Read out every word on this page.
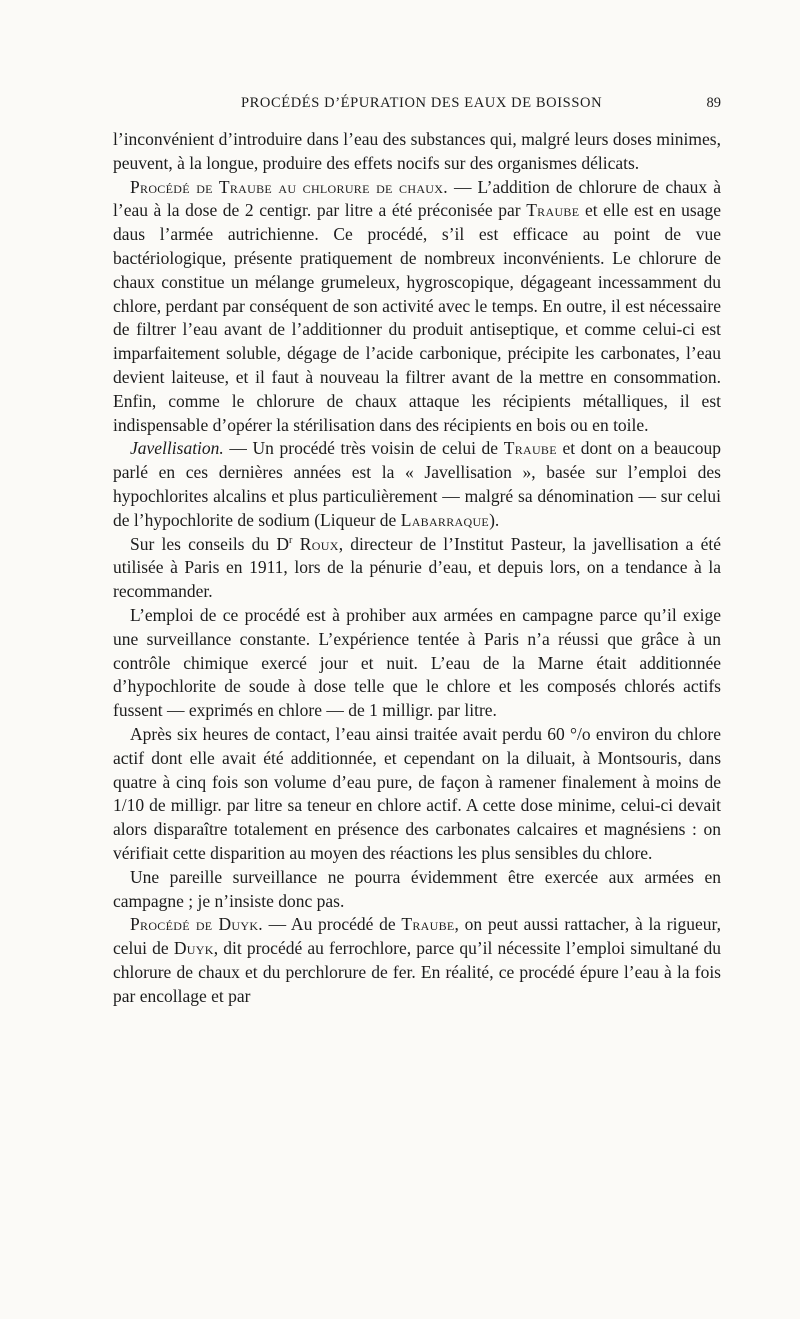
PROCÉDÉS D’ÉPURATION DES EAUX DE BOISSON	89

l’inconvénient d’introduire dans l’eau des substances qui, malgré leurs doses minimes, peuvent, à la longue, produire des effets nocifs sur des organismes délicats.

Procédé de Traube au chlorure de chaux. — L’addition de chlorure de chaux à l’eau à la dose de 2 centigr. par litre a été préconisée par Traube et elle est en usage daus l’armée autrichienne. Ce procédé, s’il est efficace au point de vue bactériologique, présente pratiquement de nombreux inconvénients. Le chlorure de chaux constitue un mélange grumeleux, hygroscopique, dégageant incessamment du chlore, perdant par conséquent de son activité avec le temps. En outre, il est nécessaire de filtrer l’eau avant de l’additionner du produit antiseptique, et comme celui-ci est imparfaitement soluble, dégage de l’acide carbonique, précipite les carbonates, l’eau devient laiteuse, et il faut à nouveau la filtrer avant de la mettre en consommation. Enfin, comme le chlorure de chaux attaque les récipients métalliques, il est indispensable d’opérer la stérilisation dans des récipients en bois ou en toile.

Javellisation. — Un procédé très voisin de celui de Traube et dont on a beaucoup parlé en ces dernières années est la « Javellisation », basée sur l’emploi des hypochlorites alcalins et plus particulièrement — malgré sa dénomination — sur celui de l’hypochlorite de sodium (Liqueur de Labarraque).

Sur les conseils du $D^r$ Roux, directeur de l’Institut Pasteur, la javellisation a été utilisée à Paris en 1911, lors de la pénurie d’eau, et depuis lors, on a tendance à la recommander.

L’emploi de ce procédé est à prohiber aux armées en campagne parce qu’il exige une surveillance constante. L’expérience tentée à Paris n’a réussi que grâce à un contrôle chimique exercé jour et nuit. L’eau de la Marne était additionnée d’hypochlorite de soude à dose telle que le chlore et les composés chlorés actifs fussent — exprimés en chlore — de 1 milligr. par litre.

Après six heures de contact, l’eau ainsi traitée avait perdu 60 °/o environ du chlore actif dont elle avait été additionnée, et cependant on la diluait, à Montsouris, dans quatre à cinq fois son volume d’eau pure, de façon à ramener finalement à moins de 1/10 de milligr. par litre sa teneur en chlore actif. A cette dose minime, celui-ci devait alors disparaître totalement en présence des carbonates calcaires et magnésiens : on vérifiait cette disparition au moyen des réactions les plus sensibles du chlore.

Une pareille surveillance ne pourra évidemment être exercée aux armées en campagne ; je n’insiste donc pas.

Procédé de Duyk. — Au procédé de Traube, on peut aussi rattacher, à la rigueur, celui de Duyk, dit procédé au ferrochlore, parce qu’il nécessite l’emploi simultané du chlorure de chaux et du perchlorure de fer. En réalité, ce procédé épure l’eau à la fois par encollage et par
